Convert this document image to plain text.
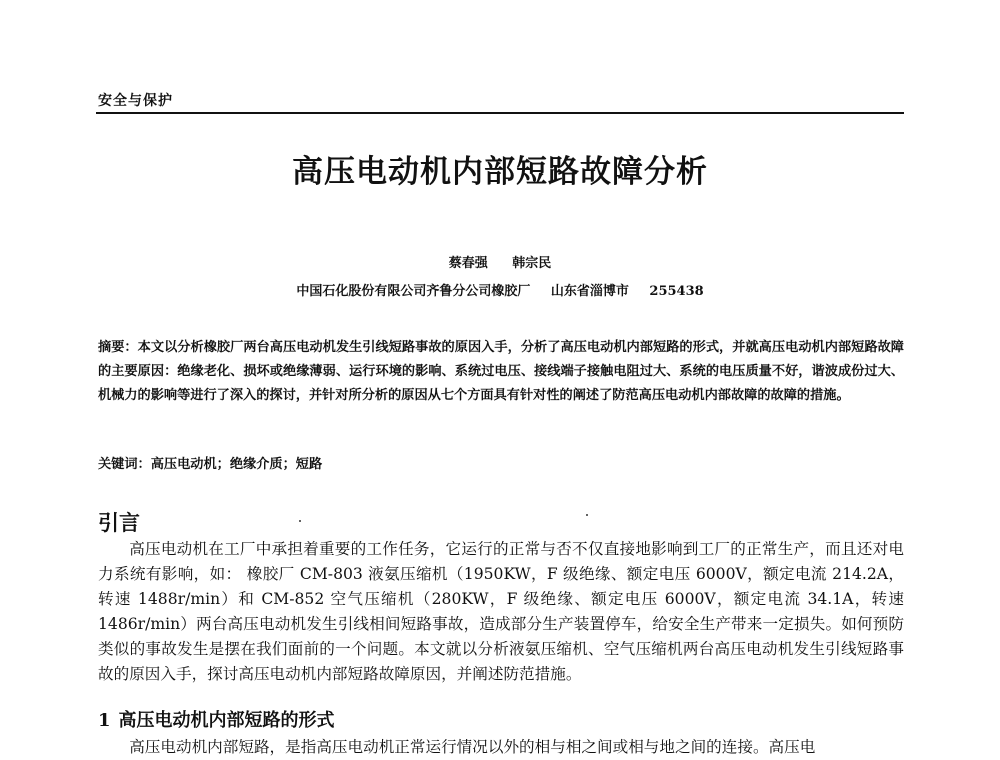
安全与保护
高压电动机内部短路故障分析
蔡春强 韩宗民
中国石化股份有限公司齐鲁分公司橡胶厂 山东省淄博市 255438
摘要：本文以分析橡胶厂两台高压电动机发生引线短路事故的原因入手，分析了高压电动机内部短路的形式，并就高压电动机内部短路故障的主要原因：绝缘老化、损坏或绝缘薄弱、运行环境的影响、系统过电压、接线端子接触电阻过大、系统的电压质量不好，谐波成份过大、机械力的影响等进行了深入的探讨，并针对所分析的原因从七个方面具有针对性的阐述了防范高压电动机内部故障的故障的措施。
关键词：高压电动机；绝缘介质；短路
引言

高压电动机在工厂中承担着重要的工作任务，它运行的正常与否不仅直接地影响到工厂的正常生产，而且还对电力系统有影响，如： 橡胶厂 CM-803 液氨压缩机（1950KW，F 级绝缘、额定电压 6000V，额定电流 214.2A，转速 1488r/min）和 CM-852 空气压缩机（280KW，F 级绝缘、额定电压 6000V，额定电流 34.1A，转速 1486r/min）两台高压电动机发生引线相间短路事故，造成部分生产装置停车，给安全生产带来一定损失。如何预防类似的事故发生是摆在我们面前的一个问题。本文就以分析液氨压缩机、空气压缩机两台高压电动机发生引线短路事故的原因入手，探讨高压电动机内部短路故障原因，并阐述防范措施。

1 高压电动机内部短路的形式

高压电动机内部短路，是指高压电动机正常运行情况以外的相与相之间或相与地之间的连接。高压电
